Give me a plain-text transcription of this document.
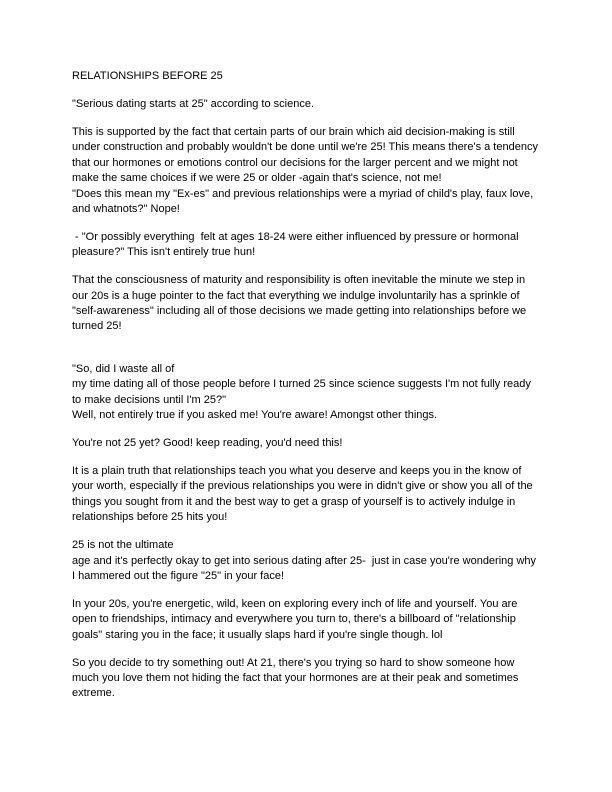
RELATIONSHIPS BEFORE 25
"Serious dating starts at 25" according to science.
This is supported by the fact that certain parts of our brain which aid decision-making is still
under construction and probably wouldn't be done until we're 25! This means there's a tendency
that our hormones or emotions control our decisions for the larger percent and we might not
make the same choices if we were 25 or older -again that's science, not me!
"Does this mean my "Ex-es" and previous relationships were a myriad of child's play, faux love,
and whatnots?" Nope!
- "Or possibly everything  felt at ages 18-24 were either influenced by pressure or hormonal
pleasure?" This isn't entirely true hun!
That the consciousness of maturity and responsibility is often inevitable the minute we step in
our 20s is a huge pointer to the fact that everything we indulge involuntarily has a sprinkle of
"self-awareness" including all of those decisions we made getting into relationships before we
turned 25!
"So, did I waste all of
my time dating all of those people before I turned 25 since science suggests I'm not fully ready
to make decisions until I'm 25?"
Well, not entirely true if you asked me! You're aware! Amongst other things.
You're not 25 yet? Good! keep reading, you'd need this!
It is a plain truth that relationships teach you what you deserve and keeps you in the know of
your worth, especially if the previous relationships you were in didn't give or show you all of the
things you sought from it and the best way to get a grasp of yourself is to actively indulge in
relationships before 25 hits you!
25 is not the ultimate
age and it's perfectly okay to get into serious dating after 25-  just in case you're wondering why
I hammered out the figure "25" in your face!
In your 20s, you're energetic, wild, keen on exploring every inch of life and yourself. You are
open to friendships, intimacy and everywhere you turn to, there's a billboard of "relationship
goals" staring you in the face; it usually slaps hard if you're single though. lol
So you decide to try something out! At 21, there's you trying so hard to show someone how
much you love them not hiding the fact that your hormones are at their peak and sometimes
extreme.
